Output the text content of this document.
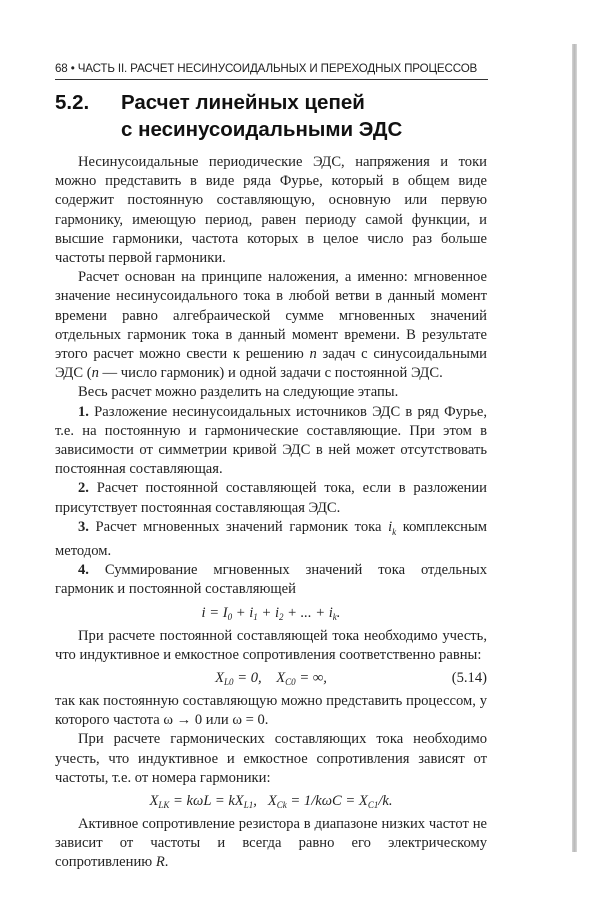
68 • ЧАСТЬ II. РАСЧЕТ НЕСИНУСОИДАЛЬНЫХ И ПЕРЕХОДНЫХ ПРОЦЕССОВ
5.2. Расчет линейных цепей
с несинусоидальными ЭДС

Несинусоидальные периодические ЭДС, напряжения и токи можно представить в виде ряда Фурье, который в общем виде содержит постоянную составляющую, основную или первую гармонику, имеющую период, равен периоду самой функции, и высшие гармоники, частота которых в целое число раз больше частоты первой гармоники.

Расчет основан на принципе наложения, а именно: мгновенное значение несинусоидального тока в любой ветви в данный момент времени равно алгебраической сумме мгновенных значений отдельных гармоник тока в данный момент времени. В результате этого расчет можно свести к решению n задач с синусоидальными ЭДС (n — число гармоник) и одной задачи с постоянной ЭДС.

Весь расчет можно разделить на следующие этапы.

1. Разложение несинусоидальных источников ЭДС в ряд Фурье, т.е. на постоянную и гармонические составляющие. При этом в зависимости от симметрии кривой ЭДС в ней может отсутствовать постоянная составляющая.

2. Расчет постоянной составляющей тока, если в разложении присутствует постоянная составляющая ЭДС.

3. Расчет мгновенных значений гармоник тока $i_k$ комплексным методом.

4. Суммирование мгновенных значений тока отдельных гармоник и постоянной составляющей

$i = I_0 + i_1 + i_2$ + ... + $i_k$.

При расчете постоянной составляющей тока необходимо учесть, что индуктивное и емкостное сопротивления соответственно равны:

$X_{L0} = 0$,    $X_{C0}$ = ∞,	(5.14)

так как постоянную составляющую можно представить процессом, у которого частота ω → 0 или ω = 0.

При расчете гармонических составляющих тока необходимо учесть, что индуктивное и емкостное сопротивления зависят от частоты, т.е. от номера гармоники:

$X_{LK} = k\omega L = kX_{L1}$,   $X_{Ck} = 1/k\omega C = X_{C1}/k$.

Активное сопротивление резистора в диапазоне низких частот не зависит от частоты и всегда равно его электрическому сопротивлению R.
